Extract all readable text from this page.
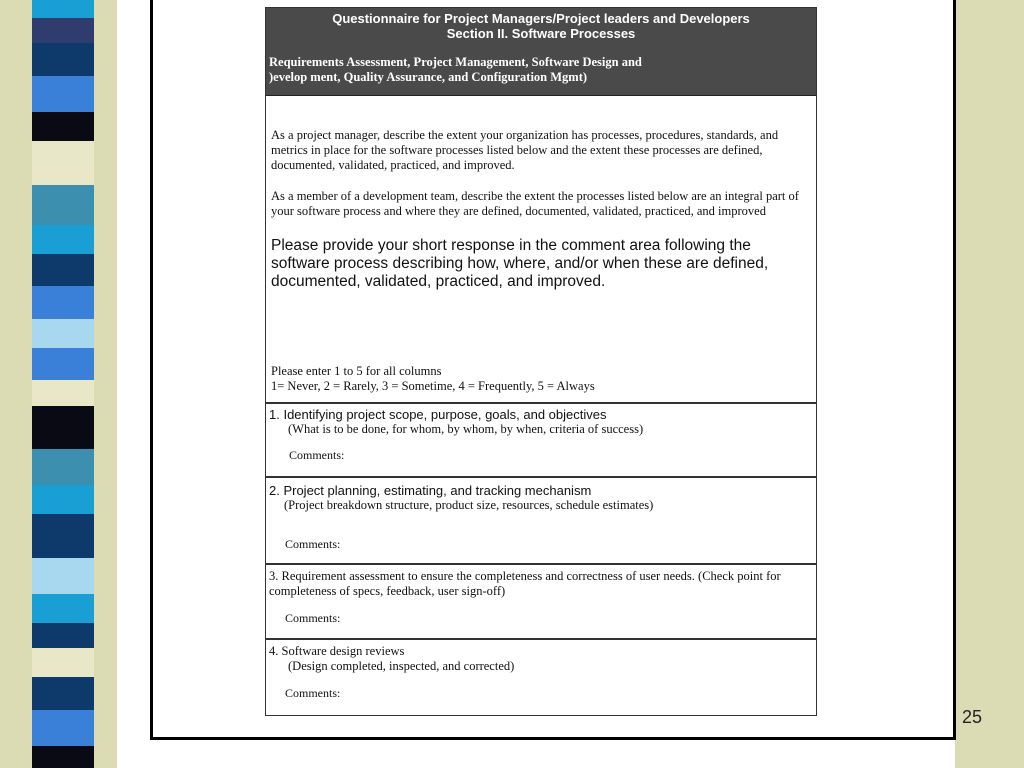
Questionnaire for Project Managers/Project leaders and Developers
Section II. Software Processes
Requirements Assessment, Project Management, Software Design and
)evelop ment, Quality Assurance, and Configuration Mgmt)

As a project manager, describe the extent your organization has processes, procedures, standards, and metrics in place for the software processes listed below and the extent these processes are defined, documented, validated, practiced, and improved.

As a member of a development team, describe the extent the processes listed below are an integral part of your software process and where they are defined, documented, validated, practiced, and improved

Please provide your short response in the comment area following the software process describing how, where, and/or when these are defined, documented, validated, practiced, and improved.

Please enter 1 to 5 for all columns
1= Never, 2 = Rarely, 3 = Sometime, 4 = Frequently, 5 = Always
1. Identifying project scope, purpose, goals, and objectives
(What is to be done, for whom, by whom, by when, criteria of success)
Comments:
2. Project planning, estimating, and tracking mechanism
(Project breakdown structure, product size, resources, schedule estimates)
Comments:
3. Requirement assessment to ensure the completeness and correctness of user needs. (Check point for completeness of specs, feedback, user sign-off)
Comments:
4. Software design reviews
(Design completed, inspected, and corrected)
Comments:
25
